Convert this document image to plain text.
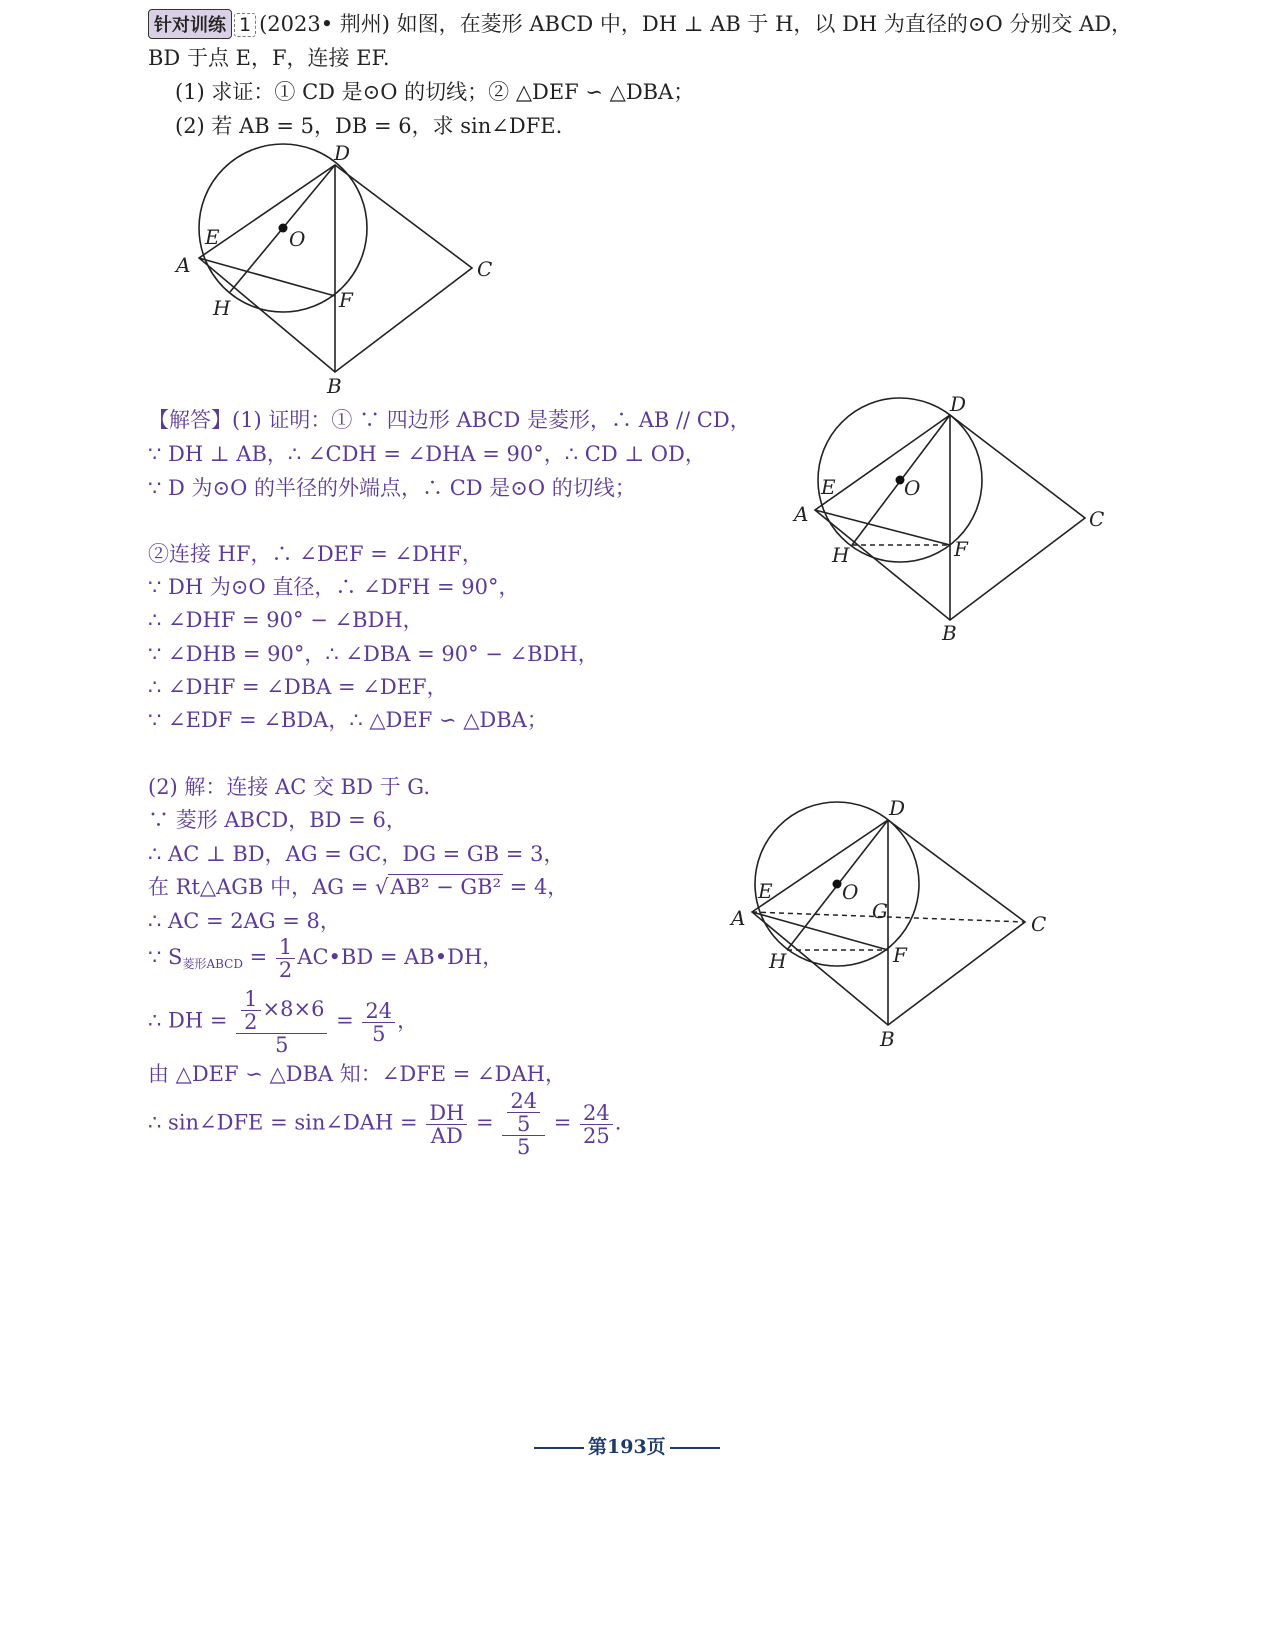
针对训练 1 (2023• 荆州) 如图，在菱形 ABCD 中，DH ⊥ AB 于 H，以 DH 为直径的⊙O 分别交 AD，
BD 于点 E，F，连接 EF.
(1) 求证：① CD 是⊙O 的切线；② △DEF ∽ △DBA；
(2) 若 AB = 5，DB = 6，求 sin∠DFE.
D
A	C
B
E	O
H	F
【解答】(1) 证明：① ∵ 四边形 ABCD 是菱形，∴ AB // CD，
∵ DH ⊥ AB，∴ ∠CDH = ∠DHA = 90°，∴ CD ⊥ OD，
∵ D 为⊙O 的半径的外端点，∴ CD 是⊙O 的切线；
②连接 HF，∴ ∠DEF = ∠DHF，
∵ DH 为⊙O 直径，∴ ∠DFH = 90°，
∴ ∠DHF = 90° − ∠BDH，
∵ ∠DHB = 90°，∴ ∠DBA = 90° − ∠BDH，
∴ ∠DHF = ∠DBA = ∠DEF，
∵ ∠EDF = ∠BDA，∴ △DEF ∽ △DBA；
D
A	C
B
E	O
H	F
(2) 解：连接 AC 交 BD 于 G.
∵ 菱形 ABCD，BD = 6，
∴ AC ⊥ BD，AG = GC，DG = GB = 3，
在 Rt△AGB 中，AG = √AB² − GB² = 4，
∴ AC = 2AG = 8，
∵ $S_{菱形ABCD} = \frac{1}{2}$ AC•BD = AB•DH，
∴ DH = $\frac{\frac{1}{2} \times 8\times 6}{5} = \frac{24}{5}$ ，
由 △DEF ∽ △DBA 知：∠DFE = ∠DAH，
∴ sin∠DFE = sin∠DAH = $\frac{DH}{AD} = \frac{\frac{24}{5}}{5} = \frac{24}{25}$ .
D
A	C
B
E	O
G
H	F
第193页
